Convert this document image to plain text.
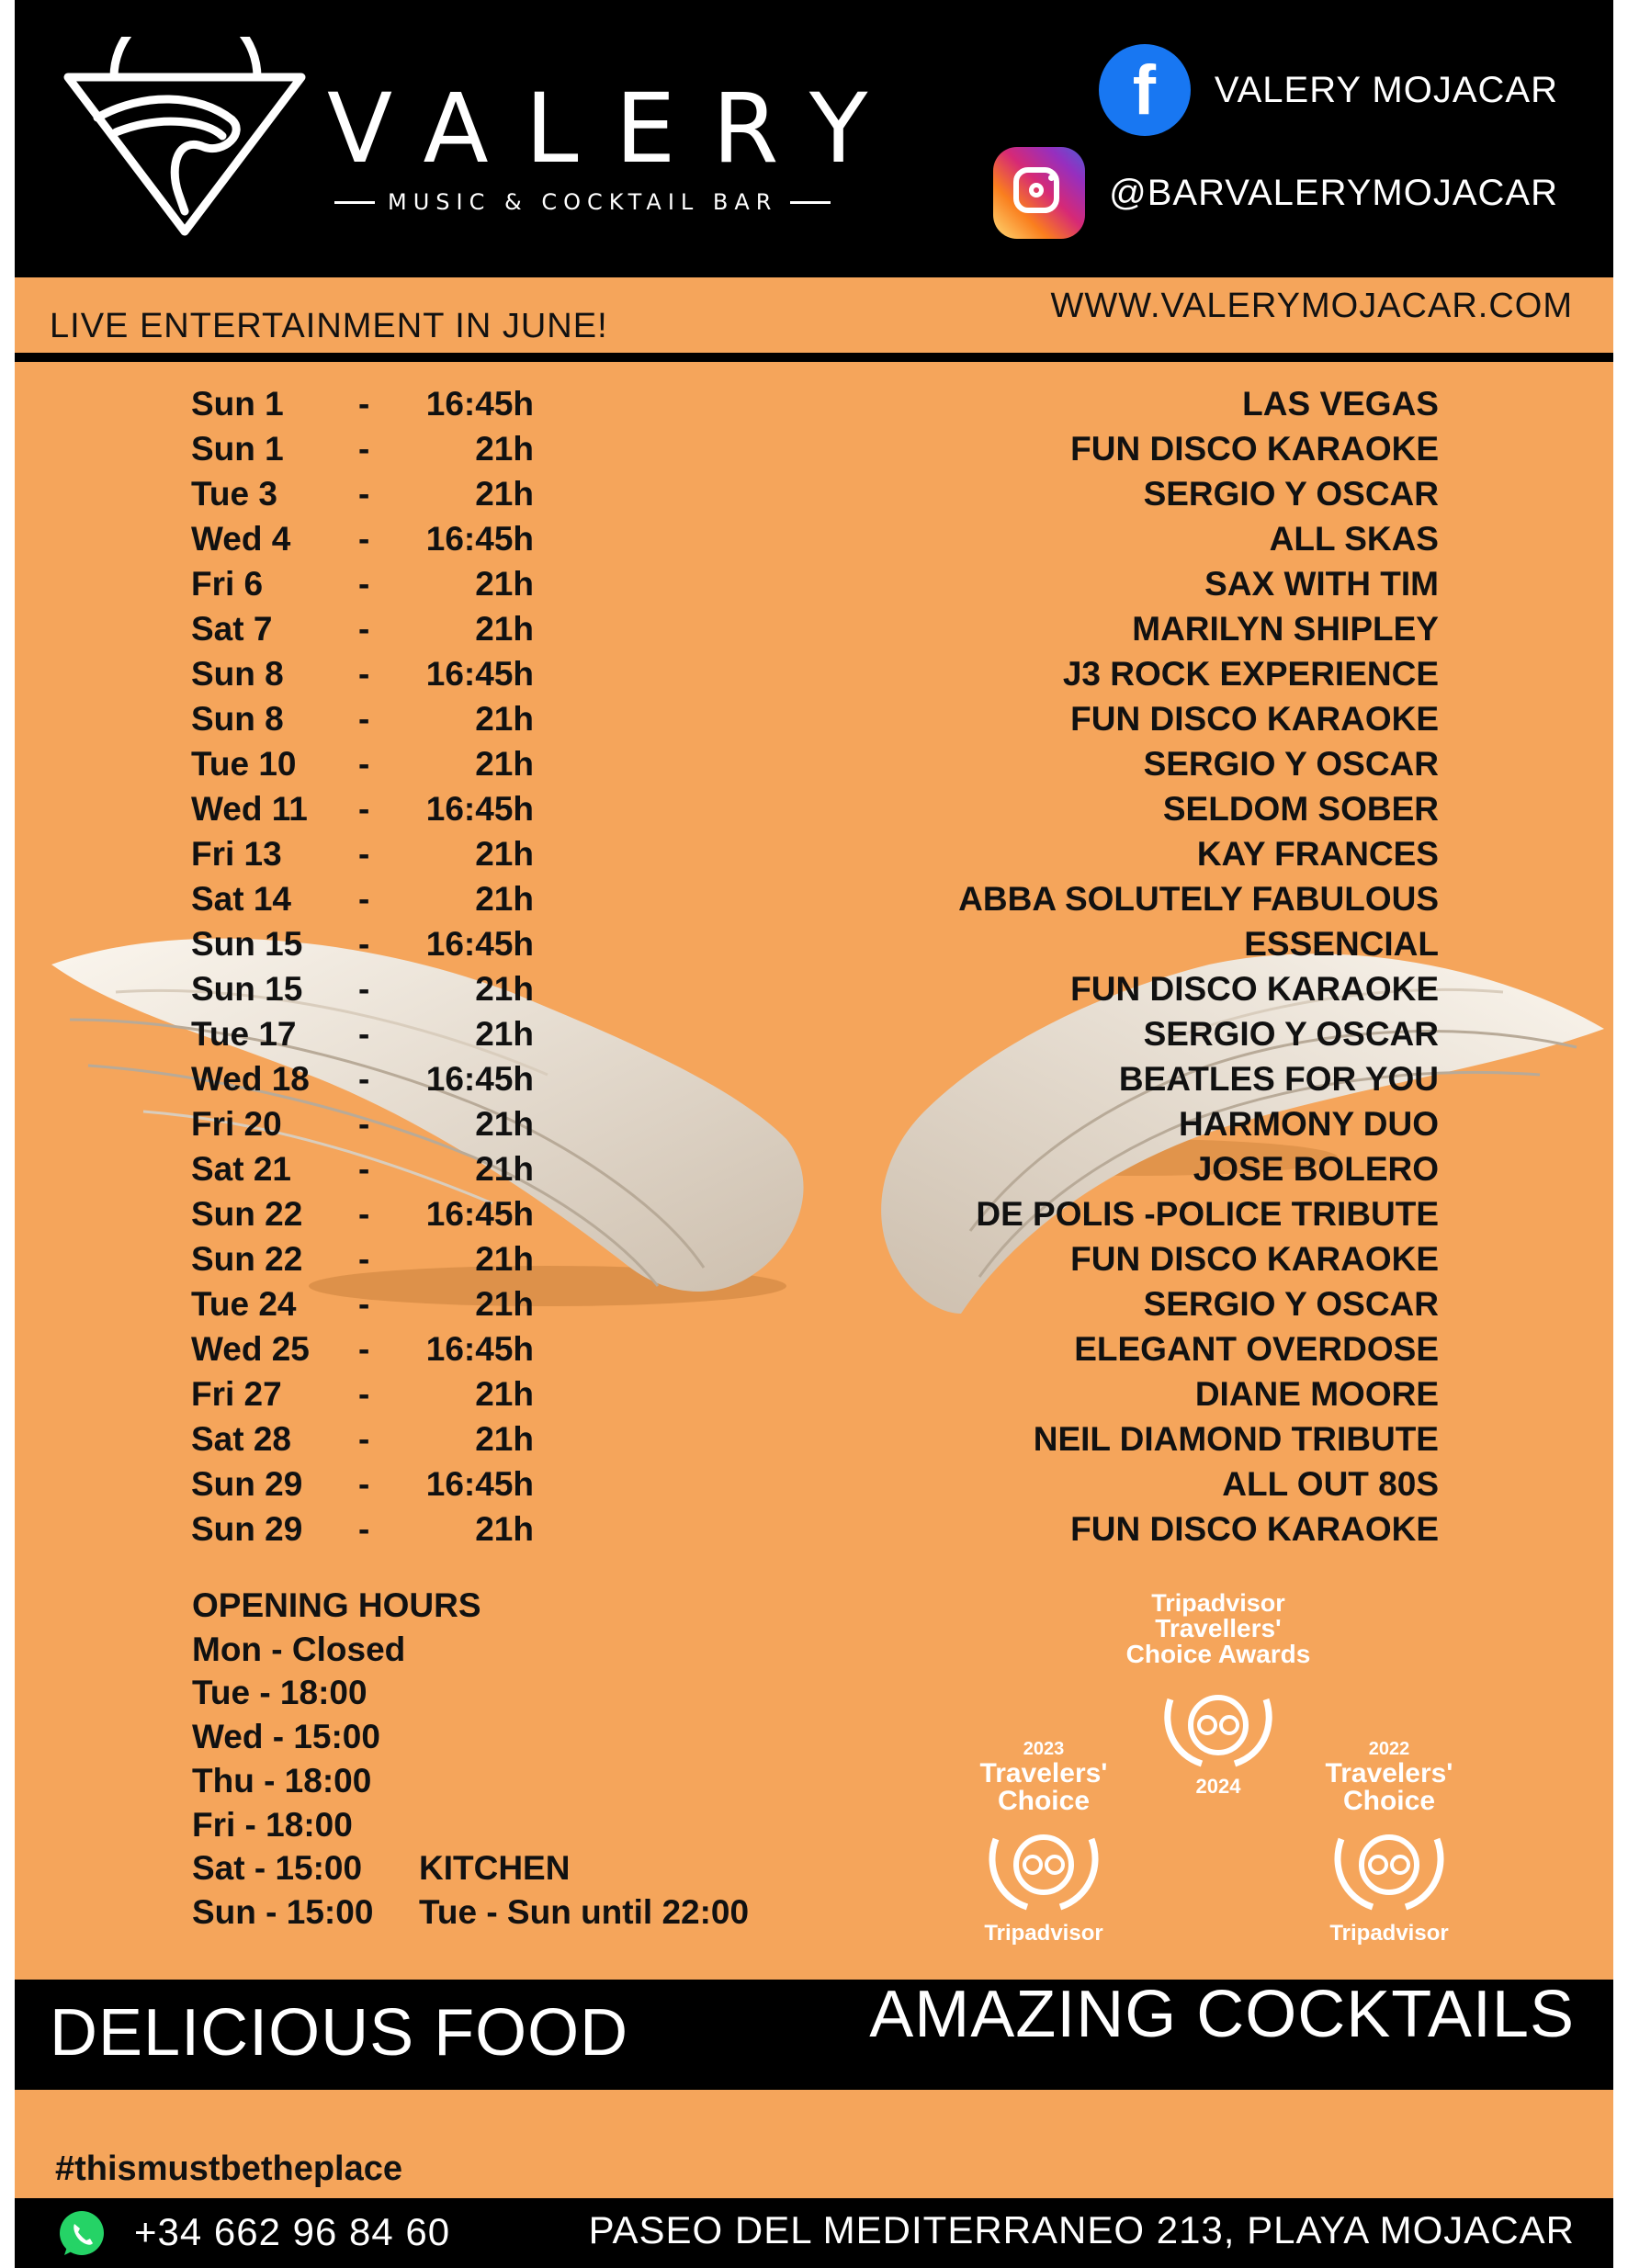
VALERY
MUSIC & COCKTAIL BAR
f	VALERY MOJACAR
@BARVALERYMOJACAR
LIVE ENTERTAINMENT IN JUNE!
WWW.VALERYMOJACAR.COM
Sun 1 - 16:45h	LAS VEGAS
Sun 1 -	21h	FUN DISCO KARAOKE
Tue 3 -	21h	SERGIO Y OSCAR
Wed 4 - 16:45h	ALL SKAS
Fri 6	-	21h	SAX WITH TIM
Sat 7	-	21h	MARILYN SHIPLEY
Sun 8 - 16:45h	J3 ROCK EXPERIENCE
Sun 8 -	21h	FUN DISCO KARAOKE
Tue 10 -	21h	SERGIO Y OSCAR
Wed 11 - 16:45h	SELDOM SOBER
Fri 13 -	21h	KAY FRANCES
Sat 14 -	21h	ABBA SOLUTELY FABULOUS
Sun 15 - 16:45h	ESSENCIAL
Sun 15 -	21h	FUN DISCO KARAOKE
Tue 17 -	21h	SERGIO Y OSCAR
Wed 18 - 16:45h	BEATLES FOR YOU
Fri 20 -	21h	HARMONY DUO
Sat 21 -	21h	JOSE BOLERO
Sun 22 - 16:45h	DE POLIS -POLICE TRIBUTE
Sun 22 -	21h	FUN DISCO KARAOKE
Tue 24 -	21h	SERGIO Y OSCAR
Wed 25 - 16:45h	ELEGANT OVERDOSE
Fri 27 -	21h	DIANE MOORE
Sat 28 -	21h	NEIL DIAMOND TRIBUTE
Sun 29 - 16:45h	ALL OUT 80S
Sun 29 -	21h	FUN DISCO KARAOKE
OPENING HOURS
Mon - Closed
Tue - 18:00
Wed - 15:00
Thu - 18:00
Fri - 18:00
Sat - 15:00
Sun - 15:00
KITCHEN
Tue - Sun until 22:00
Tripadvisor
Travellers'
Choice Awards
2024
2023
Travelers'
Choice
Tripadvisor
2022
Travelers'
Choice
Tripadvisor
DELICIOUS FOOD	AMAZING COCKTAILS
#thismustbetheplace
+34 662 96 84 60	PASEO DEL MEDITERRANEO 213, PLAYA MOJACAR
